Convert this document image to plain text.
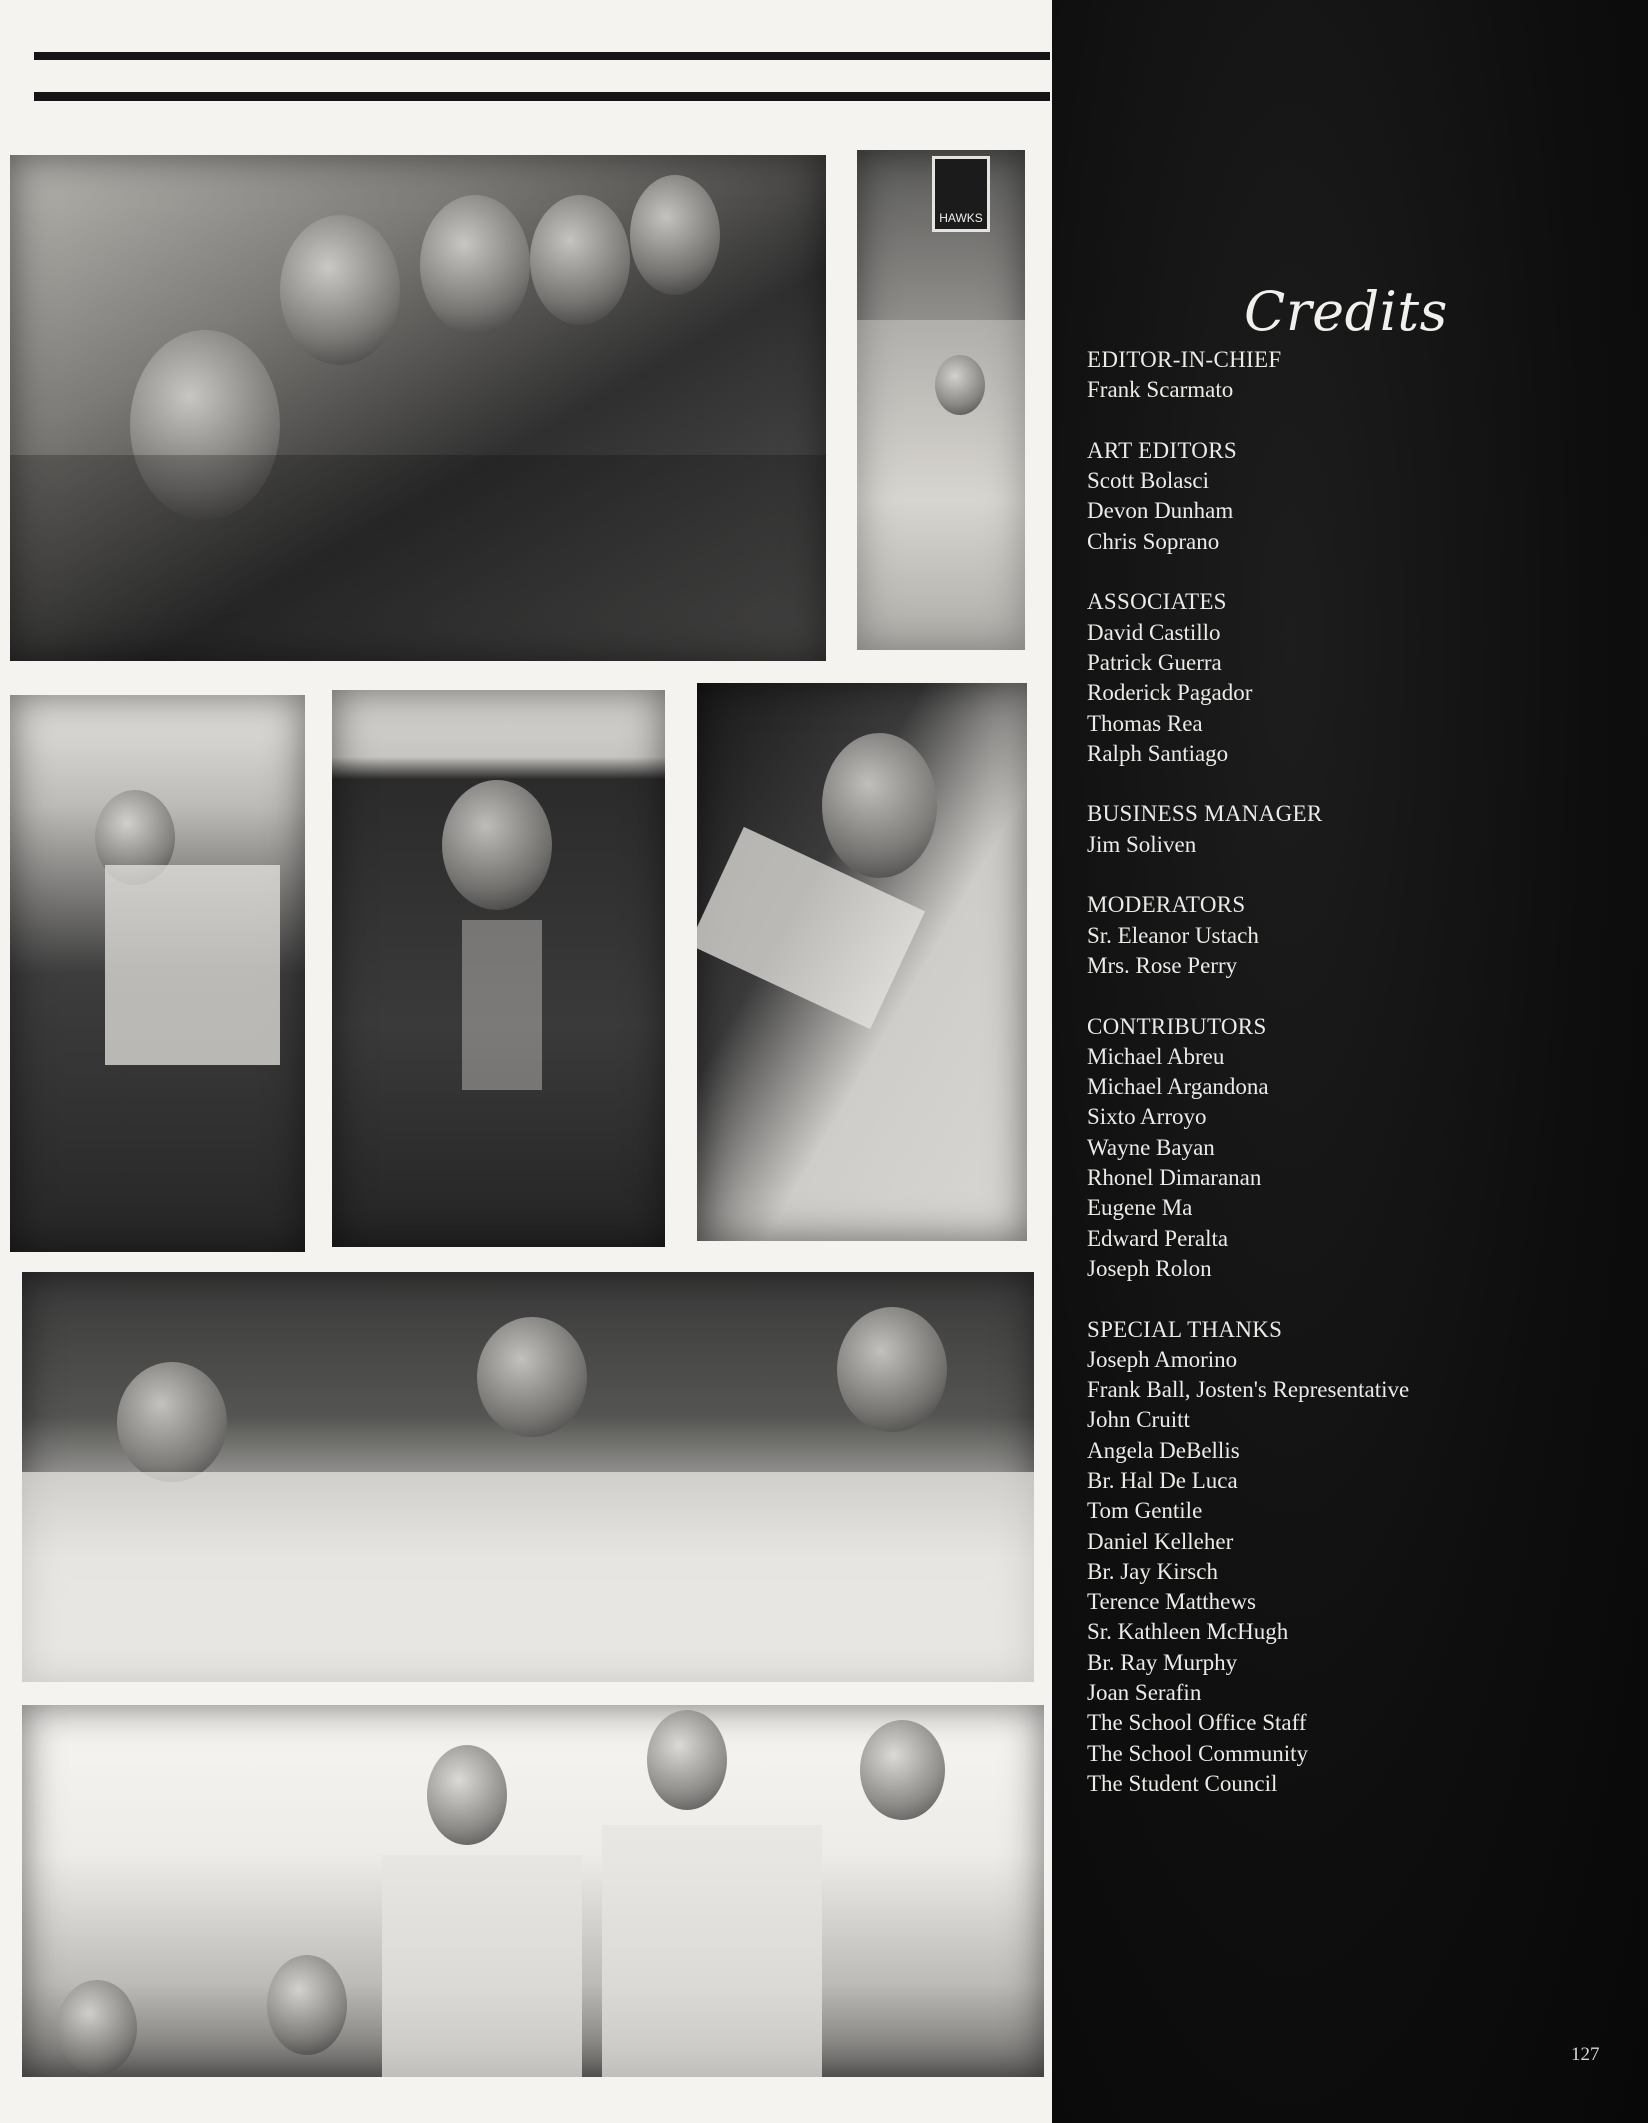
HAWKS
Credits
EDITOR-IN-CHIEF
Frank Scarmato
ART EDITORS
Scott Bolasci
Devon Dunham
Chris Soprano
ASSOCIATES
David Castillo
Patrick Guerra
Roderick Pagador
Thomas Rea
Ralph Santiago
BUSINESS MANAGER
Jim Soliven
MODERATORS
Sr. Eleanor Ustach
Mrs. Rose Perry
CONTRIBUTORS
Michael Abreu
Michael Argandona
Sixto Arroyo
Wayne Bayan
Rhonel Dimaranan
Eugene Ma
Edward Peralta
Joseph Rolon
SPECIAL THANKS
Joseph Amorino
Frank Ball, Josten's Representative
John Cruitt
Angela DeBellis
Br. Hal De Luca
Tom Gentile
Daniel Kelleher
Br. Jay Kirsch
Terence Matthews
Sr. Kathleen McHugh
Br. Ray Murphy
Joan Serafin
The School Office Staff
The School Community
The Student Council
127
